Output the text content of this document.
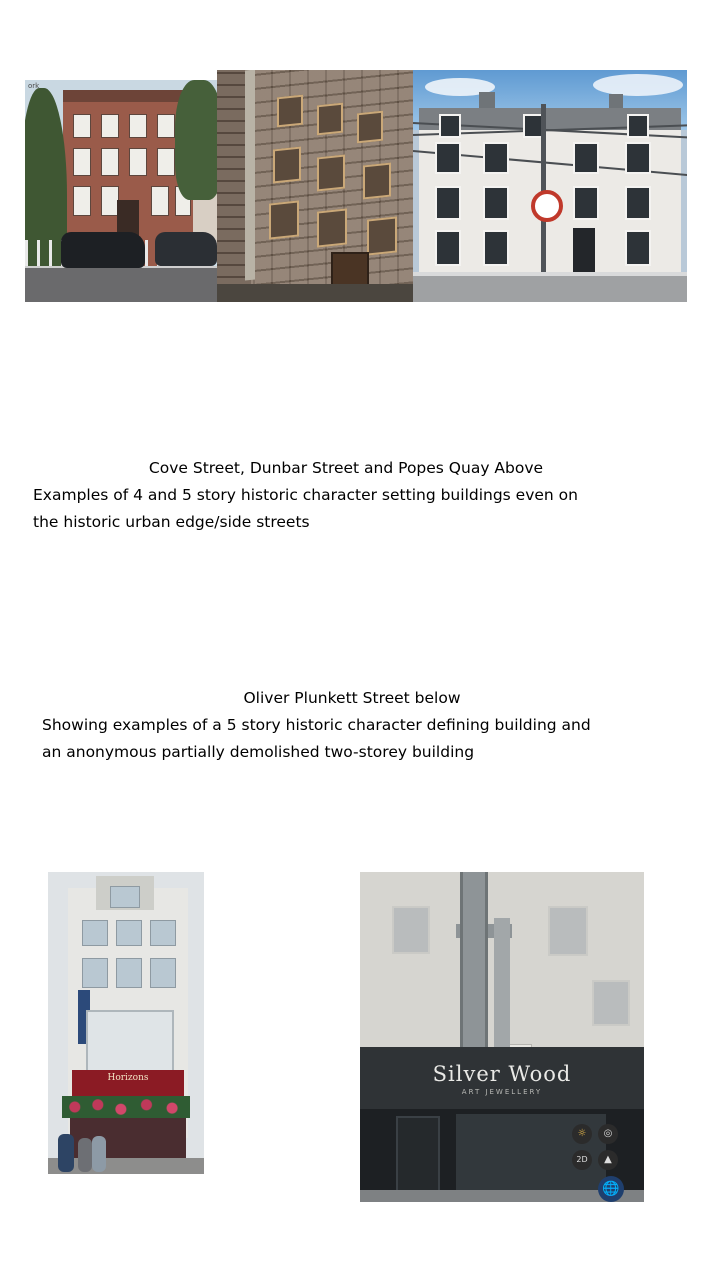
ork
Cove Street, Dunbar Street and Popes Quay Above
Examples of 4 and 5 story historic character setting buildings even on
the historic urban edge/side streets
Oliver Plunkett Street below
Showing examples of a 5 story historic character defining building and
an anonymous partially demolished two-storey building
Horizons	Silver Wood
ART JEWELLERY
☼	◎
2D	▲
🌐
